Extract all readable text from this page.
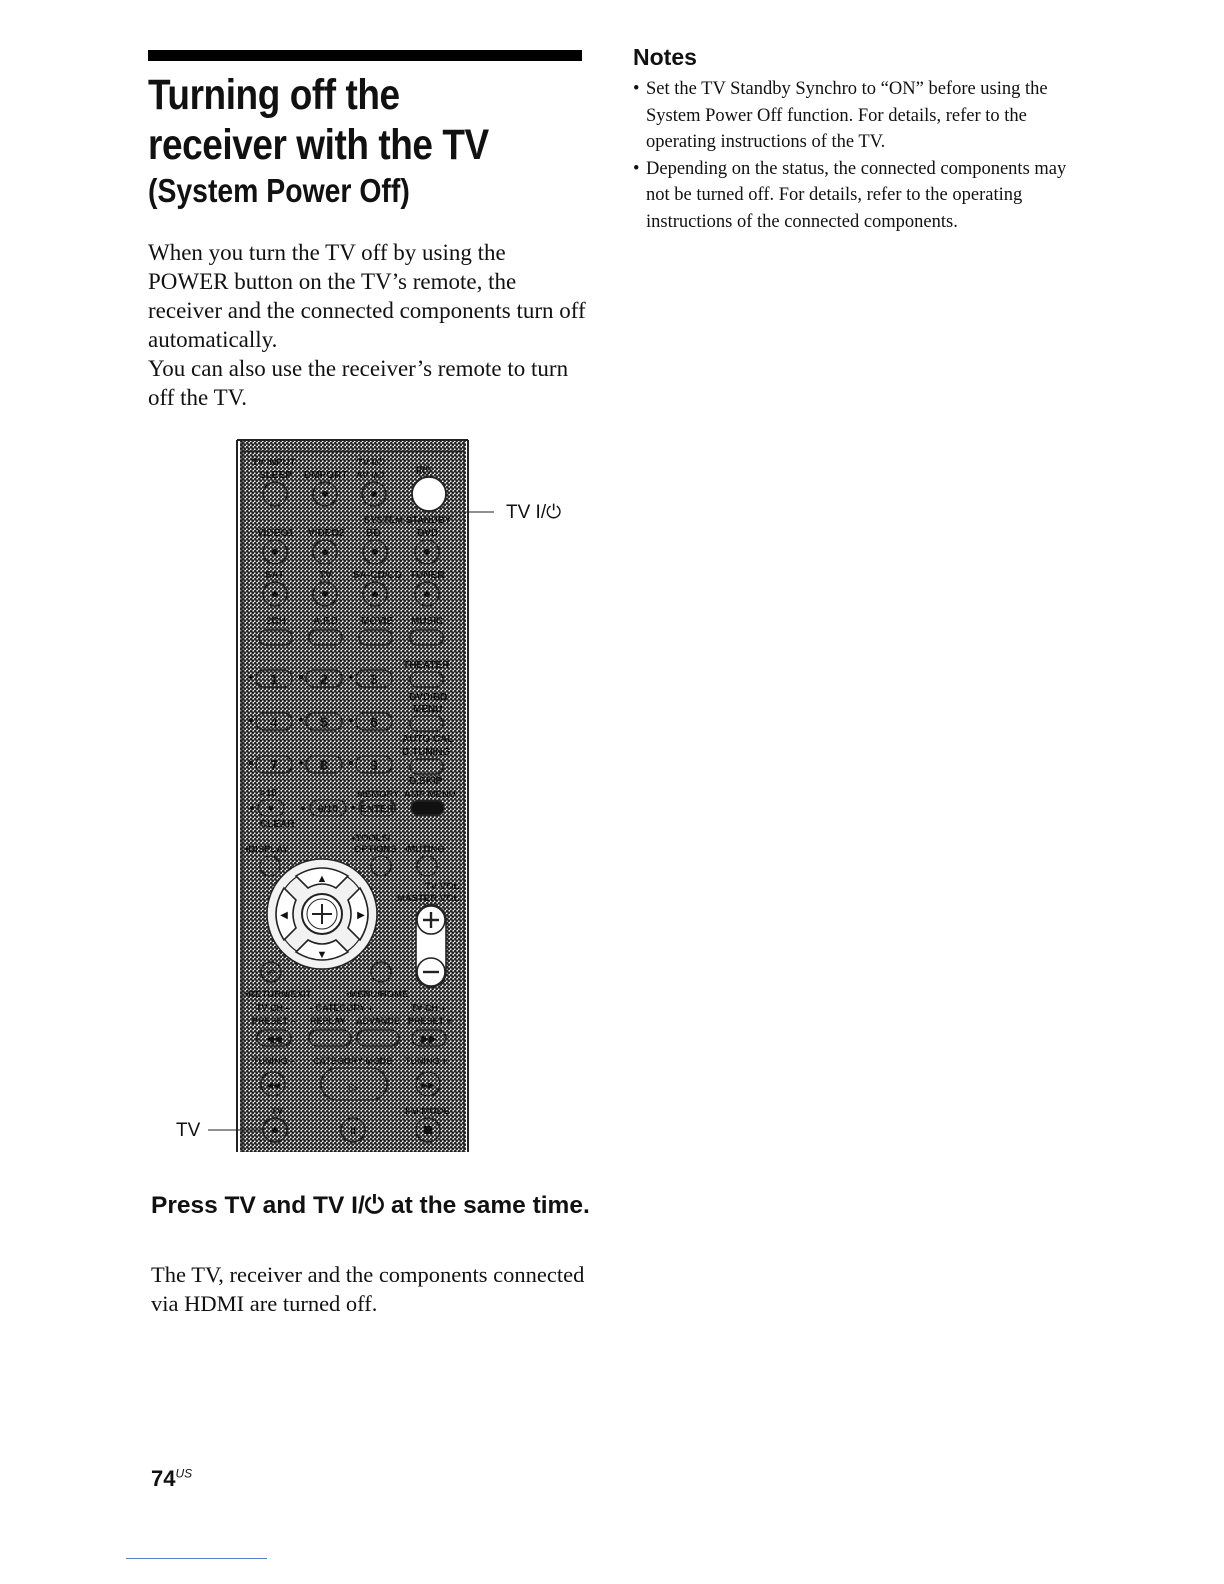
Turning off the receiver with the TV
(System Power Off)

When you turn the TV off by using the POWER button on the TV’s remote, the receiver and the connected components turn off automatically.

You can also use the receiver’s remote to turn off the TV.

Notes
• Set the TV Standby Synchro to “ON” before using the System Power Off function. For details, refer to the operating instructions of the TV.
• Depending on the status, the connected components may not be turned off. For details, refer to the operating instructions of the connected components.
TV INPUT
SLEEP DMPORT
TV I/⏻
AV I/⏻	I/⏻
SYSTEM STANDBY
VIDEO1 VIDEO2 BD	DVD
SAT	TV SA-CD/CD TUNER
2CH	A.F.D. MOVIE MUSIC
THEATER
DVD/BD
MENU
AUTO CAL
D.TUNING
D.SKIP
1	2	3
4	5	6
7	8	9
>10	MEMORY AMP MENU
0/10 ENTER
CLEAR
•TOOLS/
OPTIONS •MUTING
•DISPLAY
▲
▼
◀	▶
TV VOL
MASTER VOL
↶
•RETURN/EXIT	•MENU/HOME
TV CH – – CATEGORY +	TV CH +
PRESET – REPLAY ADVANCE PRESET +
◀◀	←	→	▶▶
TUNING – CATEGORY MODE TUNING +
◀◀	▷	▶▶
TV	FM MODE
II
TV I/⏻
TV
Press TV and TV I/⏻ at the same time.

The TV, receiver and the components connected via HDMI are turned off.

$74^{US}$
